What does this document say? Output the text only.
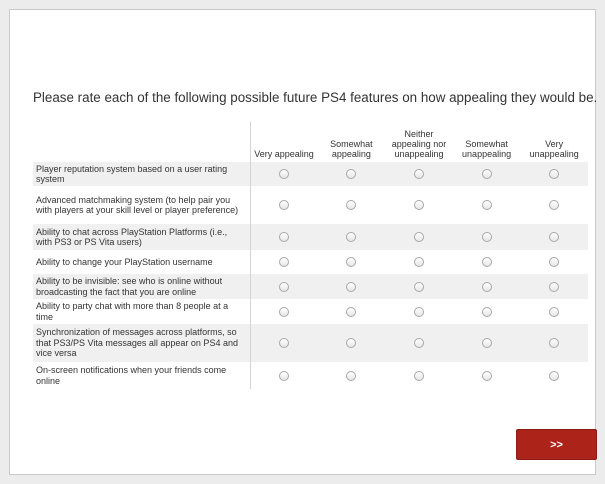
Please rate each of the following possible future PS4 features on how appealing they would be.

	Very appealing	Somewhat appealing	Neither appealing nor unappealing	Somewhat unappealing	Very unappealing
Player reputation system based on a user rating system					
Advanced matchmaking system (to help pair you with players at your skill level or player preference)					
Ability to chat across PlayStation Platforms (i.e., with PS3 or PS Vita users)					
Ability to change your PlayStation username					
Ability to be invisible: see who is online without broadcasting the fact that you are online					
Ability to party chat with more than 8 people at a time					
Synchronization of messages across platforms, so that PS3/PS Vita messages all appear on PS4 and vice versa					
On-screen notifications when your friends come online					
>>
